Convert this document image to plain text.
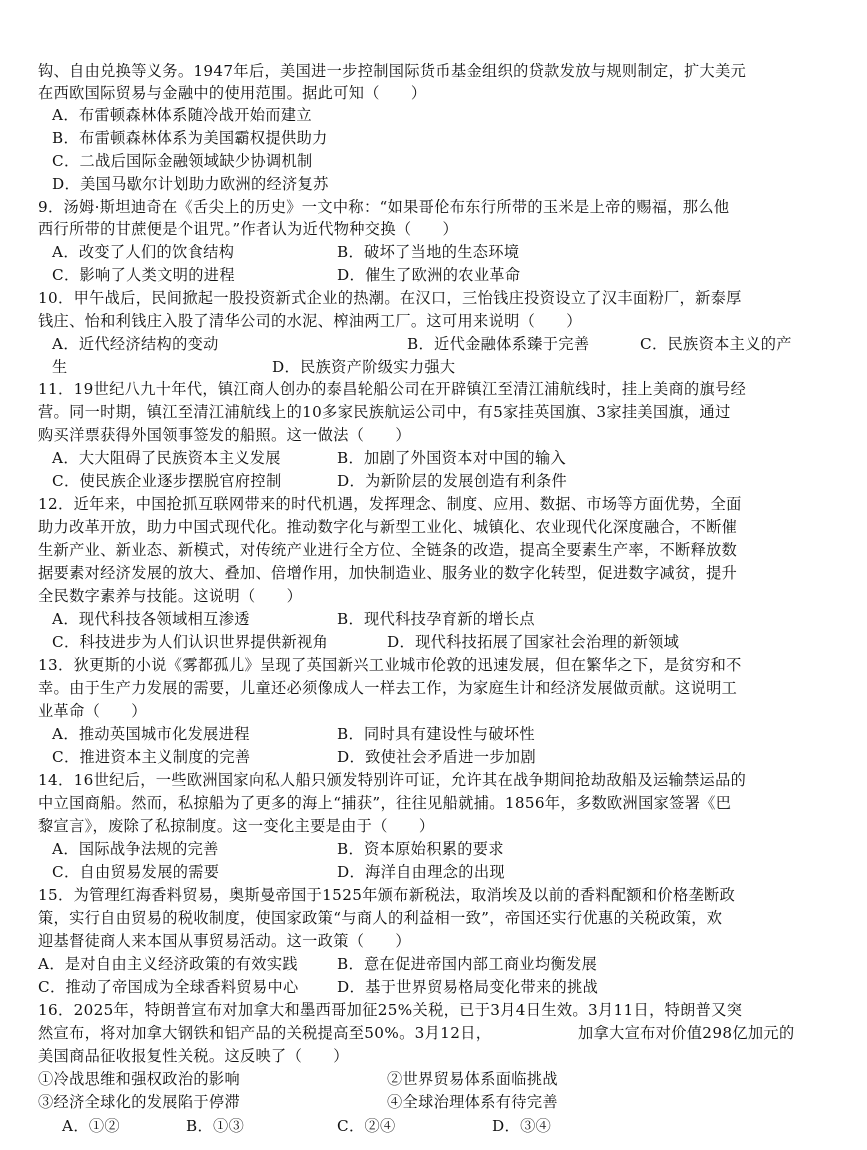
钩、自由兑换等义务。1947年后，美国进一步控制国际货币基金组织的贷款发放与规则制定，扩大美元
在西欧国际贸易与金融中的使用范围。据此可知（　　）
A．布雷顿森林体系随冷战开始而建立
B．布雷顿森林体系为美国霸权提供助力
C．二战后国际金融领域缺少协调机制
D．美国马歇尔计划助力欧洲的经济复苏
9．汤姆·斯坦迪奇在《舌尖上的历史》一文中称：“如果哥伦布东行所带的玉米是上帝的赐福，那么他
西行所带的甘蔗便是个诅咒。”作者认为近代物种交换（　　）
A．改变了人们的饮食结构	B．破坏了当地的生态环境
C．影响了人类文明的进程	D．催生了欧洲的农业革命
10．甲午战后，民间掀起一股投资新式企业的热潮。在汉口，三怡钱庄投资设立了汉丰面粉厂，新泰厚
钱庄、怡和利钱庄入股了清华公司的水泥、榨油两工厂。这可用来说明（　　）
A．近代经济结构的变动	B．近代金融体系臻于完善	C．民族资本主义的产
生	D．民族资产阶级实力强大
11．19世纪八九十年代，镇江商人创办的泰昌轮船公司在开辟镇江至清江浦航线时，挂上美商的旗号经
营。同一时期，镇江至清江浦航线上的10多家民族航运公司中，有5家挂英国旗、3家挂美国旗，通过
购买洋票获得外国领事签发的船照。这一做法（　　）
A．大大阻碍了民族资本主义发展	B．加剧了外国资本对中国的输入
C．使民族企业逐步摆脱官府控制	D．为新阶层的发展创造有利条件
12．近年来，中国抢抓互联网带来的时代机遇，发挥理念、制度、应用、数据、市场等方面优势，全面
助力改革开放，助力中国式现代化。推动数字化与新型工业化、城镇化、农业现代化深度融合，不断催
生新产业、新业态、新模式，对传统产业进行全方位、全链条的改造，提高全要素生产率，不断释放数
据要素对经济发展的放大、叠加、倍增作用，加快制造业、服务业的数字化转型，促进数字减贫，提升
全民数字素养与技能。这说明（　　）
A．现代科技各领域相互渗透	B．现代科技孕育新的增长点
C．科技进步为人们认识世界提供新视角	D．现代科技拓展了国家社会治理的新领域
13．狄更斯的小说《雾都孤儿》呈现了英国新兴工业城市伦敦的迅速发展，但在繁华之下，是贫穷和不
幸。由于生产力发展的需要，儿童还必须像成人一样去工作，为家庭生计和经济发展做贡献。这说明工
业革命（　　）
A．推动英国城市化发展进程	B．同时具有建设性与破坏性
C．推进资本主义制度的完善	D．致使社会矛盾进一步加剧
14．16世纪后，一些欧洲国家向私人船只颁发特别许可证，允许其在战争期间抢劫敌船及运输禁运品的
中立国商船。然而，私掠船为了更多的海上“捕获”，往往见船就捕。1856年，多数欧洲国家签署《巴
黎宣言》，废除了私掠制度。这一变化主要是由于（　　）
A．国际战争法规的完善	B．资本原始积累的要求
C．自由贸易发展的需要	D．海洋自由理念的出现
15．为管理红海香料贸易，奥斯曼帝国于1525年颁布新税法，取消埃及以前的香料配额和价格垄断政
策，实行自由贸易的税收制度，使国家政策“与商人的利益相一致”，帝国还实行优惠的关税政策，欢
迎基督徒商人来本国从事贸易活动。这一政策（　　）
A．是对自由主义经济政策的有效实践	B．意在促进帝国内部工商业均衡发展
C．推动了帝国成为全球香料贸易中心	D．基于世界贸易格局变化带来的挑战
16．2025年，特朗普宣布对加拿大和墨西哥加征25%关税，已于3月4日生效。3月11日，特朗普又突
然宣布，将对加拿大钢铁和铝产品的关税提高至50%。3月12日，	加拿大宣布对价值298亿加元的
美国商品征收报复性关税。这反映了（　　）
①冷战思维和强权政治的影响	②世界贸易体系面临挑战
③经济全球化的发展陷于停滞	④全球治理体系有待完善
A．①②	B．①③	C．②④	D．③④
